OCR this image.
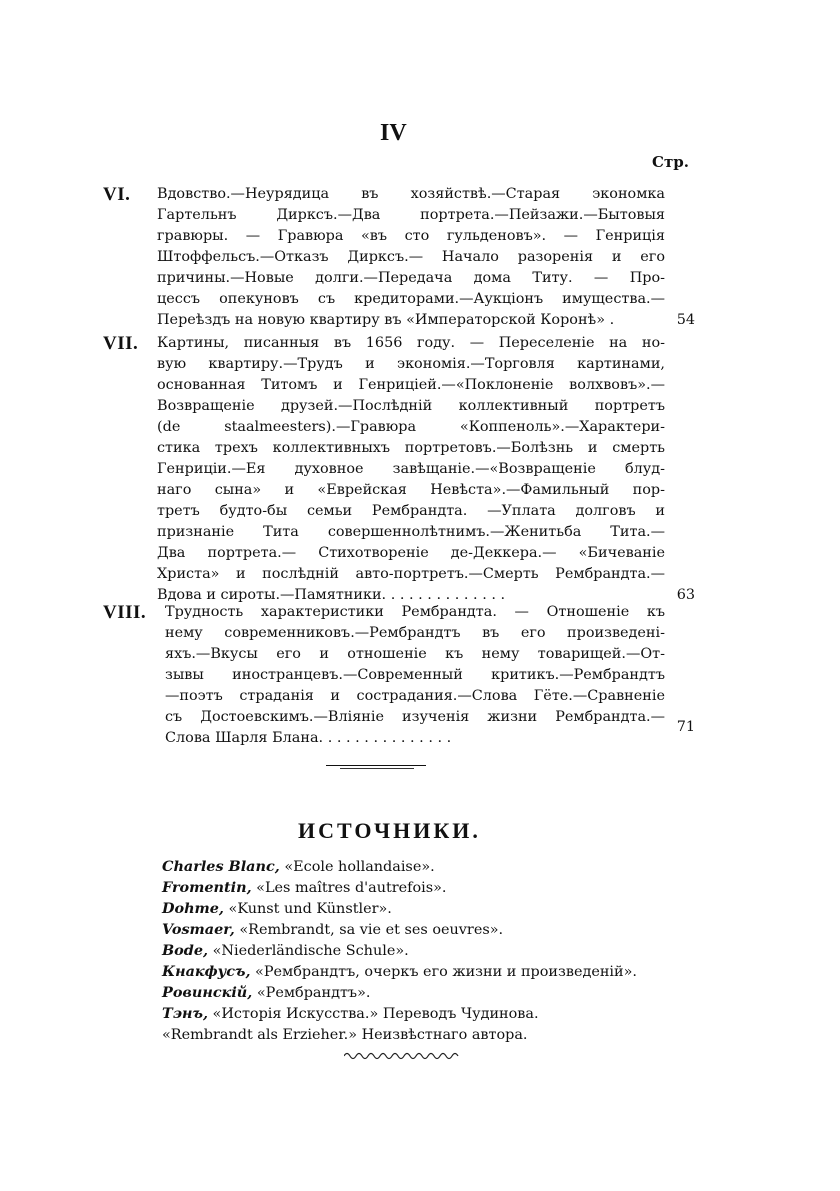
IV
Стр.
VI. Вдовство.—Неурядица въ хозяйствѣ.—Старая экономка
Гартельнъ Дирксъ.—Два портрета.—Пейзажи.—Бытовыя
гравюры. — Гравюра «въ сто гульденовъ». — Генриція
Штоффельсъ.—Отказъ Дирксъ.— Начало разоренія и его
причины.—Новые долги.—Передача дома Титу. — Про-
цессъ опекуновъ съ кредиторами.—Аукціонъ имущества.—
Переѣздъ на новую квартиру въ «Императорской Коронѣ» .	54
VII. Картины, писанныя въ 1656 году. — Переселеніе на но-
вую квартиру.—Трудъ и экономія.—Торговля картинами,
основанная Титомъ и Генриціей.—«Поклоненіе волхвовъ».—
Возвращеніе друзей.—Послѣдній коллективный портретъ
(de staalmeesters).—Гравюра «Коппеноль».—Характери-
стика трехъ коллективныхъ портретовъ.—Болѣзнь и смерть
Генриціи.—Ея духовное завѣщаніе.—«Возвращеніе блуд-
наго сына» и «Еврейская Невѣста».—Фамильный пор-
третъ будто-бы семьи Рембрандта. —Уплата долговъ и
признаніе Тита совершеннолѣтнимъ.—Женитьба Тита.—
Два портрета.— Стихотвореніе де-Деккера.— «Бичеваніе
Христа» и послѣдній авто-портретъ.—Смерть Рембрандта.—
Вдова и сироты.—Памятники. . . . . . . . . . . . . .	63
VIII. Трудность характеристики Рембрандта. — Отношеніе къ
нему современниковъ.—Рембрандтъ въ его произведені-
яхъ.—Вкусы его и отношеніе къ нему товарищей.—От-
зывы иностранцевъ.—Современный критикъ.—Рембрандтъ
—поэтъ страданія и сострадания.—Слова Гёте.—Сравненіе
съ Достоевскимъ.—Вліяніе изученія жизни Рембрандта.—
Слова Шарля Блана. . . . . . . . . . . . . . .
71
ИСТОЧНИКИ.
Charles Blanc, «Ecole hollandaise».
Fromentin, «Les maîtres d'autrefois».
Dohme, «Kunst und Künstler».
Vosmaer, «Rembrandt, sa vie et ses oeuvres».
Bode, «Niederländische Schule».
Кнакфусъ, «Рембрандтъ, очеркъ его жизни и произведеній».
Ровинскій, «Рембрандтъ».
Тэнъ, «Исторія Искусства.» Переводъ Чудинова.
«Rembrandt als Erzieher.» Неизвѣстнаго автора.
